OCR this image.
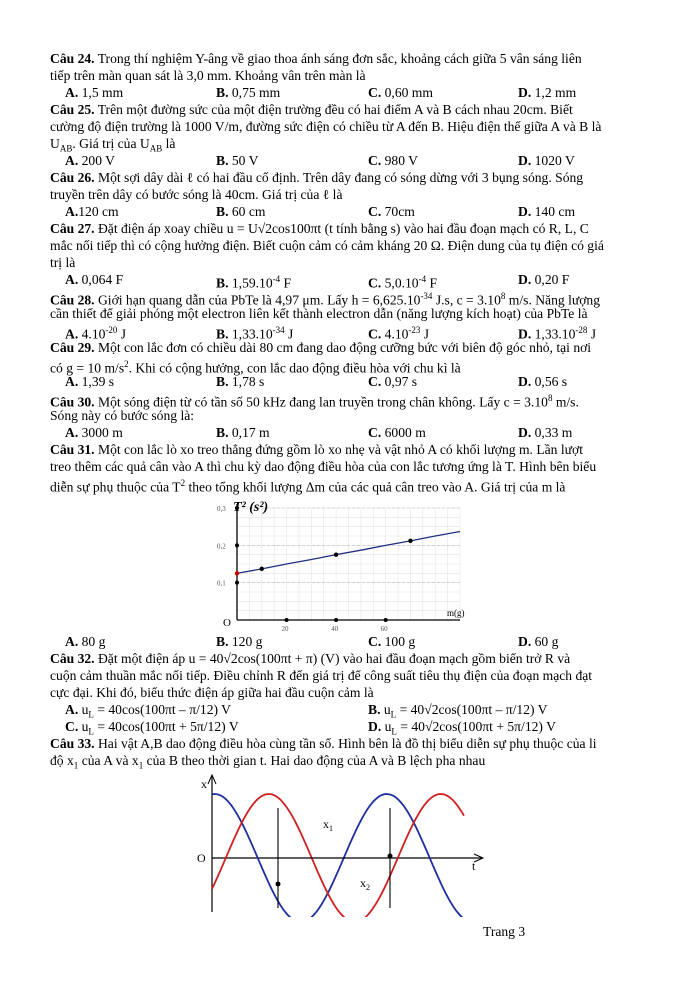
Câu 24. Trong thí nghiệm Y-âng về giao thoa ánh sáng đơn sắc, khoảng cách giữa 5 vân sáng liên
tiếp trên màn quan sát là 3,0 mm. Khoảng vân trên màn là
A. 1,5 mm	B. 0,75 mm	C. 0,60 mm	D. 1,2 mm
Câu 25. Trên một đường sức của một điện trường đều có hai điểm A và B cách nhau 20cm. Biết
cường độ điện trường là 1000 V/m, đường sức điện có chiều từ A đến B. Hiệu điện thế giữa A và B là
$U_{AB}$. Giá trị của $U_{AB}$ là
A. 200 V	B. 50 V	C. 980 V	D. 1020 V
Câu 26. Một sợi dây dài ℓ có hai đầu cố định. Trên dây đang có sóng dừng với 3 bụng sóng. Sóng
truyền trên dây có bước sóng là 40cm. Giá trị của ℓ là
A.120 cm	B. 60 cm	C. 70cm	D. 140 cm
Câu 27. Đặt điện áp xoay chiều u = U√2cos100πt (t tính bằng s) vào hai đầu đoạn mạch có R, L, C
mắc nối tiếp thì có cộng hưởng điện. Biết cuộn cảm có cảm kháng 20 Ω. Điện dung của tụ điện có giá
trị là
A. 0,064 F	B. $1,59.10^{-4}$ F	C. $5,0.10^{-4}$ F	D. 0,20 F
Câu 28. Giới hạn quang dẫn của PbTe là 4,97 μm. Lấy $h = 6,625.10^{-34}$ J.s, $c = 3.10^8$ m/s. Năng lượng
cần thiết để giải phóng một electron liên kết thành electron dẫn (năng lượng kích hoạt) của PbTe là
A. $4.10^{-20}$ J	B. $1,33.10^{-34}$ J	C. $4.10^{-23}$ J	D. $1,33.10^{-28}$ J
Câu 29. Một con lắc đơn có chiều dài 80 cm đang dao động cưỡng bức với biên độ góc nhỏ, tại nơi
có g = 10 $m/s^2$. Khi có cộng hưởng, con lắc dao động điều hòa với chu kì là
A. 1,39 s	B. 1,78 s	C. 0,97 s	D. 0,56 s
Câu 30. Một sóng điện từ có tần số 50 kHz đang lan truyền trong chân không. Lấy $c = 3.10^8$ m/s.
Sóng này có bước sóng là:
A. 3000 m	B. 0,17 m	C. 6000 m	D. 0,33 m
Câu 31. Một con lắc lò xo treo thẳng đứng gồm lò xo nhẹ và vật nhỏ A có khối lượng m. Lần lượt
treo thêm các quả cân vào A thì chu kỳ dao động điều hòa của con lắc tương ứng là T. Hình bên biểu
diễn sự phụ thuộc của $T^2$ theo tổng khối lượng Δm của các quả cân treo vào A. Giá trị của m là
20	40	60
0,1
0,2
0,3 T² (s²)
m(g)
O
A. 80 g	B. 120 g	C. 100 g	D. 60 g
Câu 32. Đặt một điện áp u = 40√2cos(100πt + π) (V) vào hai đầu đoạn mạch gồm biến trở R và
cuộn cảm thuần mắc nối tiếp. Điều chỉnh R đến giá trị để công suất tiêu thụ điện của đoạn mạch đạt
cực đại. Khi đó, biểu thức điện áp giữa hai đầu cuộn cảm là
A. $u_L = 40\cos(100\pi t - \pi/12)$ V	B. $u_L = 40√2\cos(100\pi t - \pi/12)$ V
C. $u_L = 40\cos(100\pi t + 5\pi/12)$ V	D. $u_L = 40√2\cos(100\pi t + 5\pi/12)$ V
Câu 33. Hai vật A,B dao động điều hòa cùng tần số. Hình bên là đồ thị biểu diễn sự phụ thuộc của li
độ $x_1$ của A và $x_1$ của B theo thời gian t. Hai dao động của A và B lệch pha nhau
x
t
O
$x_1$
$x_2$
Trang 3
